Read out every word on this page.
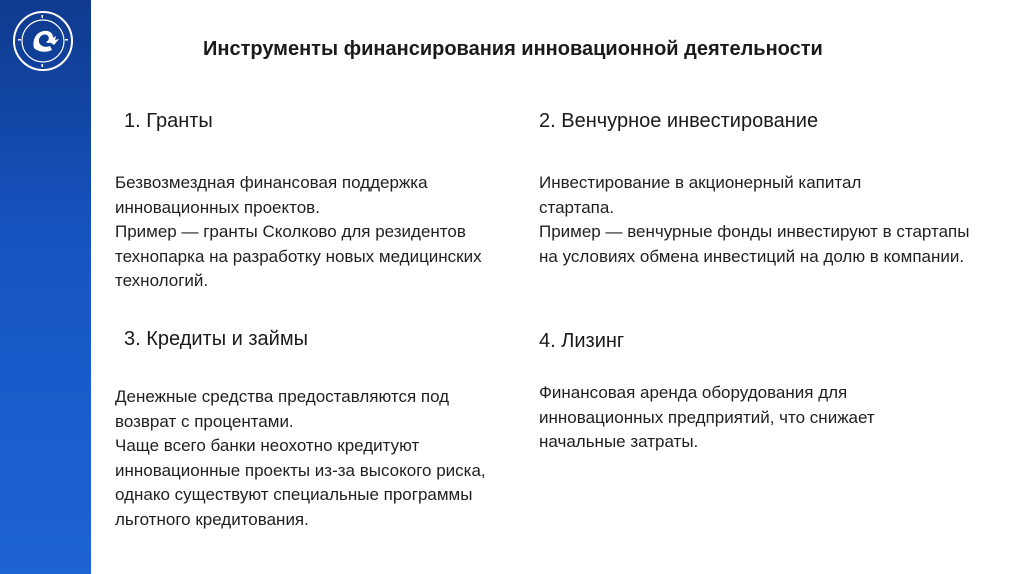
Инструменты финансирования инновационной деятельности
1. Гранты

Безвозмездная финансовая поддержка инновационных проектов.

Пример — гранты Сколково для резидентов технопарка на разработку новых медицинских технологий.

2. Венчурное инвестирование

Инвестирование в акционерный капитал стартапа.

Пример — венчурные фонды инвестируют в стартапы на условиях обмена инвестиций на долю в компании.

3. Кредиты и займы

Денежные средства предоставляются под возврат с процентами.

Чаще всего банки неохотно кредитуют инновационные проекты из-за высокого риска, однако существуют специальные программы льготного кредитования.

4. Лизинг

Финансовая аренда оборудования для инновационных предприятий, что снижает начальные затраты.
